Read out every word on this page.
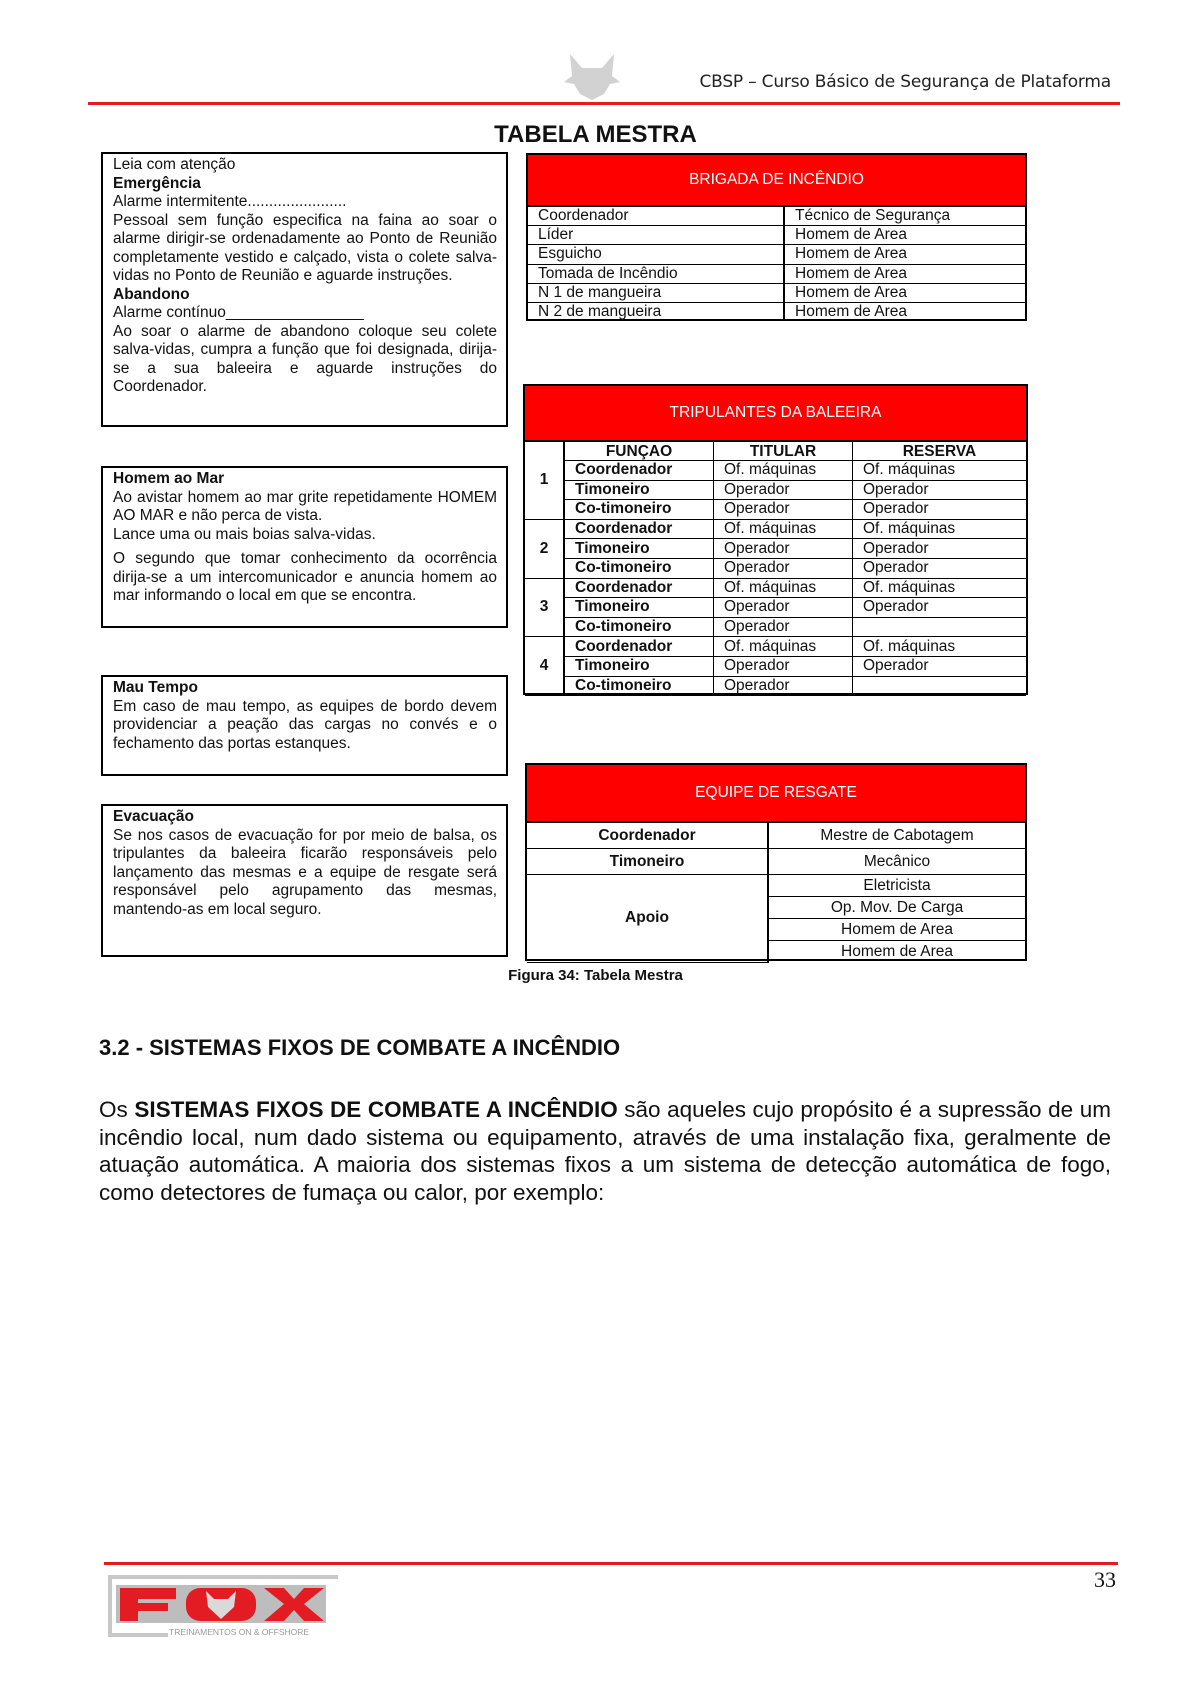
CBSP – Curso Básico de Segurança de Plataforma
TABELA MESTRA
Leia com atenção
Emergência
Alarme intermitente.......................
Pessoal sem função especifica na faina ao soar o alarme dirigir-se ordenadamente ao Ponto de Reunião completamente vestido e calçado, vista o colete salva-vidas no Ponto de Reunião e aguarde instruções.
Abandono
Alarme contínuo________________
Ao soar o alarme de abandono coloque seu colete salva-vidas, cumpra a função que foi designada, dirija-se a sua baleeira e aguarde instruções do Coordenador.
Homem ao Mar
Ao avistar homem ao mar grite repetidamente HOMEM AO MAR e não perca de vista.
Lance uma ou mais boias salva-vidas.
O segundo que tomar conhecimento da ocorrência dirija-se a um intercomunicador e anuncia homem ao mar informando o local em que se encontra.
Mau Tempo
Em caso de mau tempo, as equipes de bordo devem providenciar a peação das cargas no convés e o fechamento das portas estanques.
Evacuação
Se nos casos de evacuação for por meio de balsa, os tripulantes da baleeira ficarão responsáveis pelo lançamento das mesmas e a equipe de resgate será responsável pelo agrupamento das mesmas, mantendo-as em local seguro.
BRIGADA DE INCÊNDIO
Coordenador	Técnico de Segurança
Líder	Homem de Area
Esguicho	Homem de Area
Tomada de Incêndio	Homem de Area
N 1 de mangueira	Homem de Area
N 2 de mangueira	Homem de Area
TRIPULANTES DA BALEEIRA
1	FUNÇAO	TITULAR	RESERVA
	Coordenador	Of. máquinas	Of. máquinas
	Timoneiro	Operador	Operador
	Co-timoneiro	Operador	Operador
2	Coordenador	Of. máquinas	Of. máquinas
	Timoneiro	Operador	Operador
	Co-timoneiro	Operador	Operador
3	Coordenador	Of. máquinas	Of. máquinas
	Timoneiro	Operador	Operador
	Co-timoneiro	Operador	
4	Coordenador	Of. máquinas	Of. máquinas
	Timoneiro	Operador	Operador
	Co-timoneiro	Operador	
EQUIPE DE RESGATE
Coordenador	Mestre de Cabotagem
Timoneiro	Mecânico
Apoio	Eletricista
	Op. Mov. De Carga
	Homem de Area
	Homem de Area
Figura 34: Tabela Mestra
3.2 - SISTEMAS FIXOS DE COMBATE A INCÊNDIO
Os SISTEMAS FIXOS DE COMBATE A INCÊNDIO são aqueles cujo propósito é a supressão de um incêndio local, num dado sistema ou equipamento, através de uma instalação fixa, geralmente de atuação automática. A maioria dos sistemas fixos a um sistema de detecção automática de fogo, como detectores de fumaça ou calor, por exemplo:
TREINAMENTOS ON & OFFSHORE
33
